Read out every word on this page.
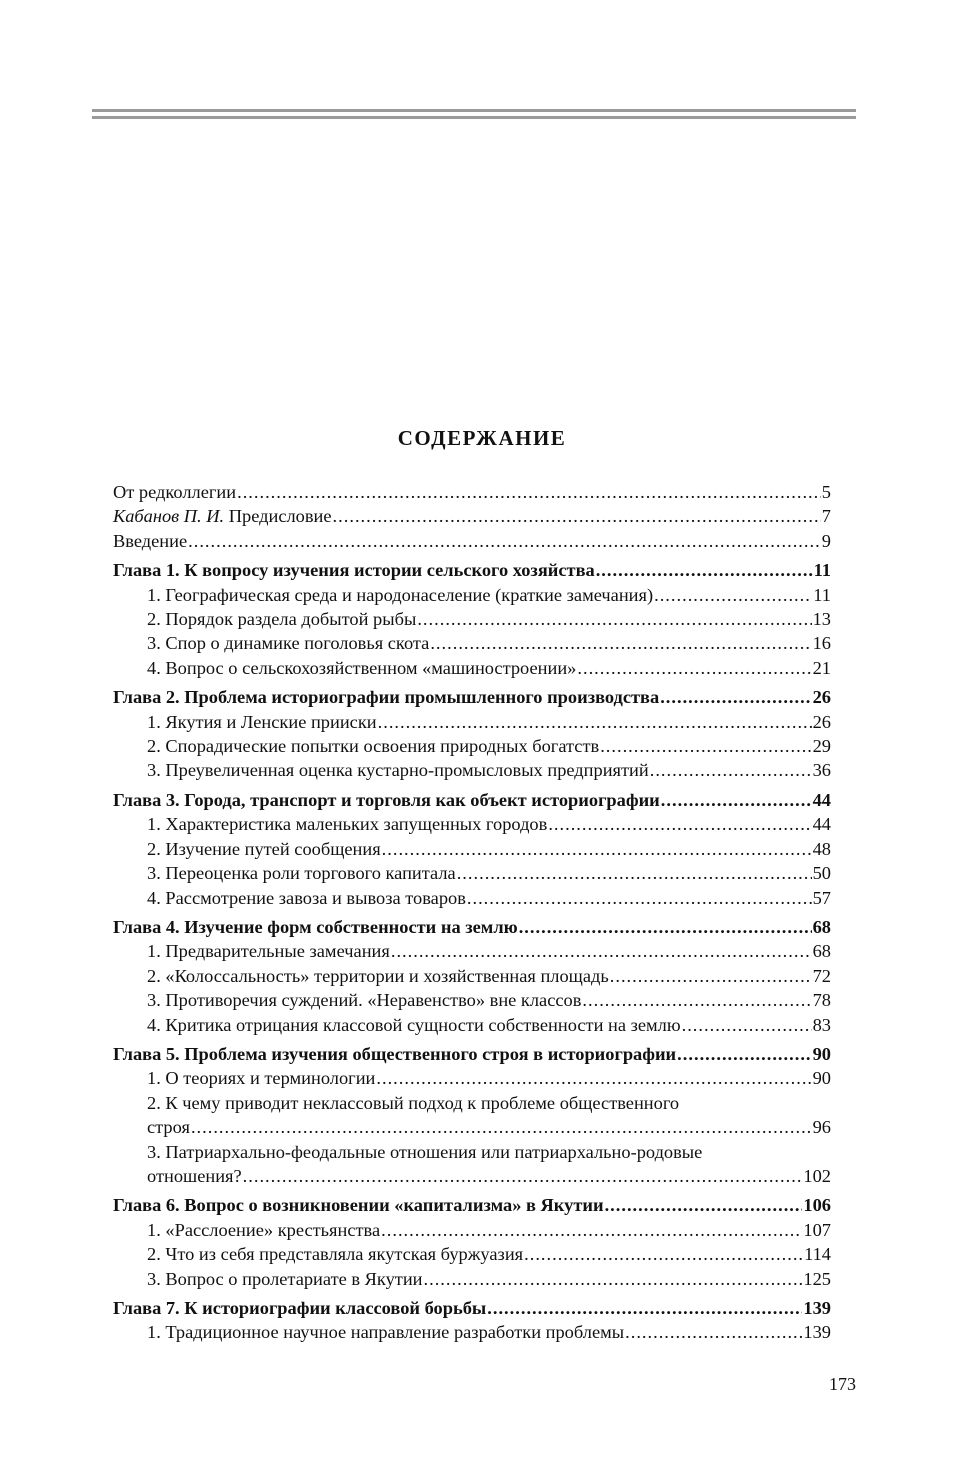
СОДЕРЖАНИЕ
От редколлегии .....	5
Кабанов П. И. Предисловие .....	7
Введение .....	9
Глава 1. К вопросу изучения истории сельского хозяйства .....	11
1. Географическая среда и народонаселение (краткие замечания) .....	11
2. Порядок раздела добытой рыбы .....	13
3. Спор о динамике поголовья скота .....	16
4. Вопрос о сельскохозяйственном «машиностроении» .....	21
Глава 2. Проблема историографии промышленного производства .....	26
1. Якутия и Ленские прииски .....	26
2. Спорадические попытки освоения природных богатств .....	29
3. Преувеличенная оценка кустарно-промысловых предприятий .....	36
Глава 3. Города, транспорт и торговля как объект историографии .....	44
1. Характеристика маленьких запущенных городов .....	44
2. Изучение путей сообщения .....	48
3. Переоценка роли торгового капитала .....	50
4. Рассмотрение завоза и вывоза товаров .....	57
Глава 4. Изучение форм собственности на землю .....	68
1. Предварительные замечания .....	68
2. «Колоссальность» территории и хозяйственная площадь .....	72
3. Противоречия суждений. «Неравенство» вне классов .....	78
4. Критика отрицания классовой сущности собственности на землю .....	83
Глава 5. Проблема изучения общественного строя в историографии .....	90
1. О теориях и терминологии .....	90
2. К чему приводит неклассовый подход к проблеме общественного
строя .....	96
3. Патриархально-феодальные отношения или патриархально-родовые
отношения? .....	102
Глава 6. Вопрос о возникновении «капитализма» в Якутии .....	106
1. «Расслоение» крестьянства .....	107
2. Что из себя представляла якутская буржуазия .....	114
3. Вопрос о пролетариате в Якутии .....	125
Глава 7. К историографии классовой борьбы .....	139
1. Традиционное научное направление разработки проблемы .....	139
173
